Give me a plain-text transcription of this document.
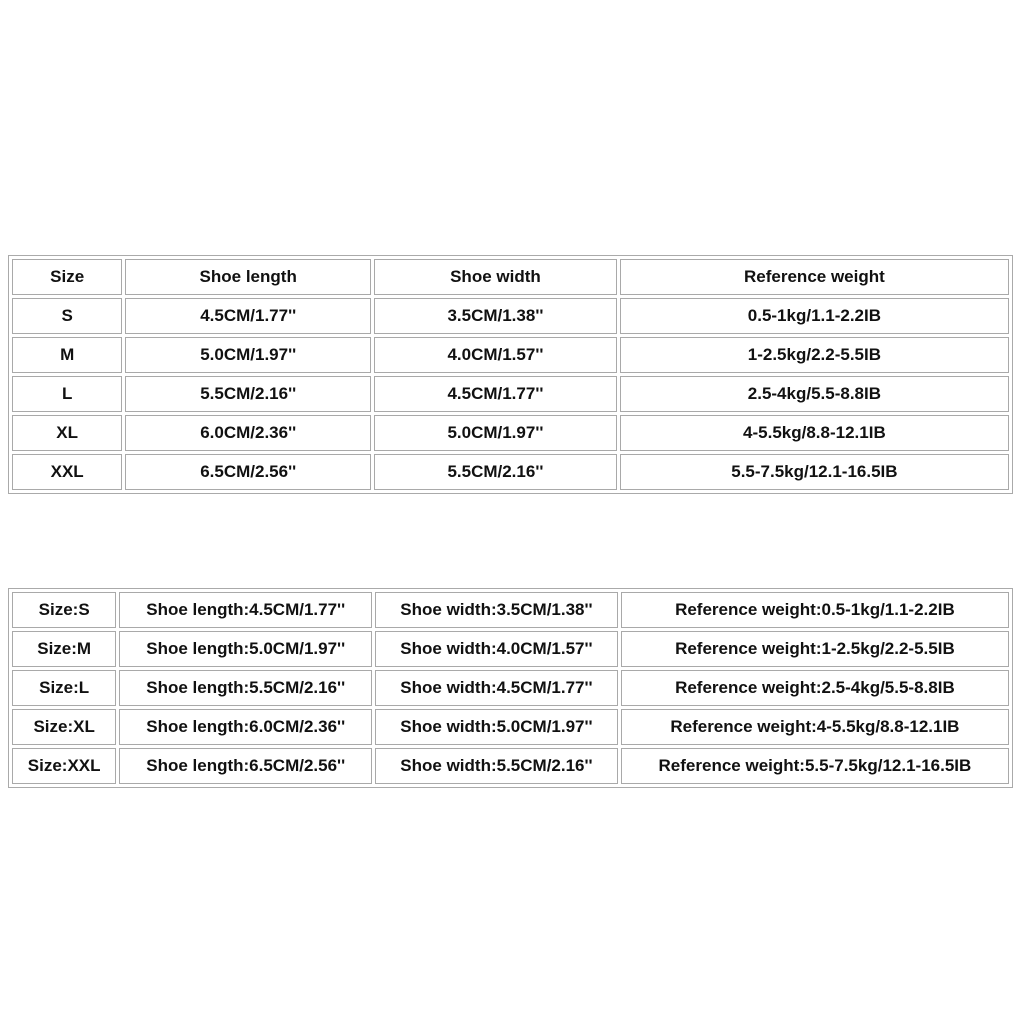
Size	Shoe length	Shoe width	Reference weight
S	4.5CM/1.77''	3.5CM/1.38''	0.5-1kg/1.1-2.2IB
M	5.0CM/1.97''	4.0CM/1.57''	1-2.5kg/2.2-5.5IB
L	5.5CM/2.16''	4.5CM/1.77''	2.5-4kg/5.5-8.8IB
XL	6.0CM/2.36''	5.0CM/1.97''	4-5.5kg/8.8-12.1IB
XXL	6.5CM/2.56''	5.5CM/2.16''	5.5-7.5kg/12.1-16.5IB
Size:S	Shoe length:4.5CM/1.77''	Shoe width:3.5CM/1.38''	Reference weight:0.5-1kg/1.1-2.2IB
Size:M	Shoe length:5.0CM/1.97''	Shoe width:4.0CM/1.57''	Reference weight:1-2.5kg/2.2-5.5IB
Size:L	Shoe length:5.5CM/2.16''	Shoe width:4.5CM/1.77''	Reference weight:2.5-4kg/5.5-8.8IB
Size:XL	Shoe length:6.0CM/2.36''	Shoe width:5.0CM/1.97''	Reference weight:4-5.5kg/8.8-12.1IB
Size:XXL	Shoe length:6.5CM/2.56''	Shoe width:5.5CM/2.16''	Reference weight:5.5-7.5kg/12.1-16.5IB
